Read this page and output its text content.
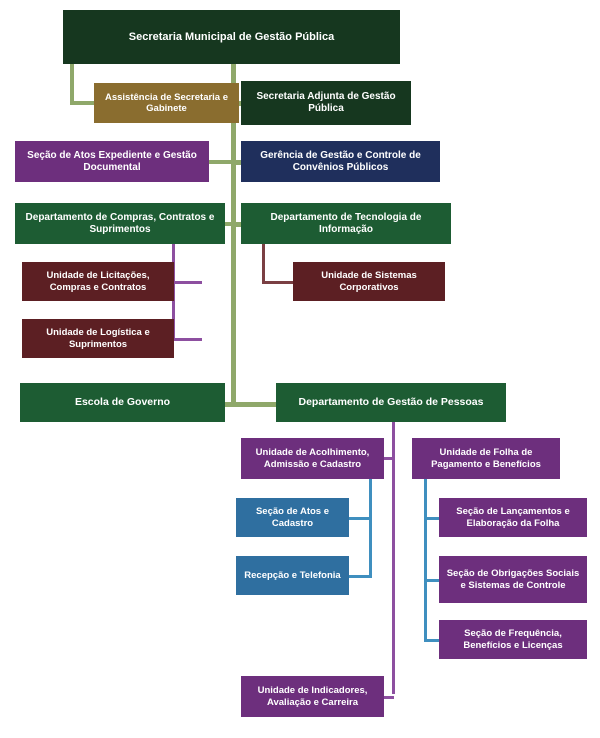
Secretaria Municipal de Gestão Pública
Assistência de Secretaria e Gabinete
Secretaria Adjunta de Gestão Pública
Seção de Atos Expediente e Gestão Documental
Gerência de Gestão e Controle de Convênios Públicos
Departamento de Compras, Contratos e Suprimentos
Departamento de Tecnologia de Informação
Unidade de Licitações, Compras e Contratos
Unidade de Sistemas Corporativos
Unidade de Logística e Suprimentos
Escola de Governo	Departamento de Gestão de Pessoas
Unidade de Acolhimento, Admissão e Cadastro
Unidade de Folha de Pagamento e Benefícios
Seção de Atos e Cadastro
Seção de Lançamentos e Elaboração da Folha
Recepção e Telefonia	Seção de Obrigações Sociais e Sistemas de Controle
Seção de Frequência, Benefícios e Licenças
Unidade de Indicadores, Avaliação e Carreira
